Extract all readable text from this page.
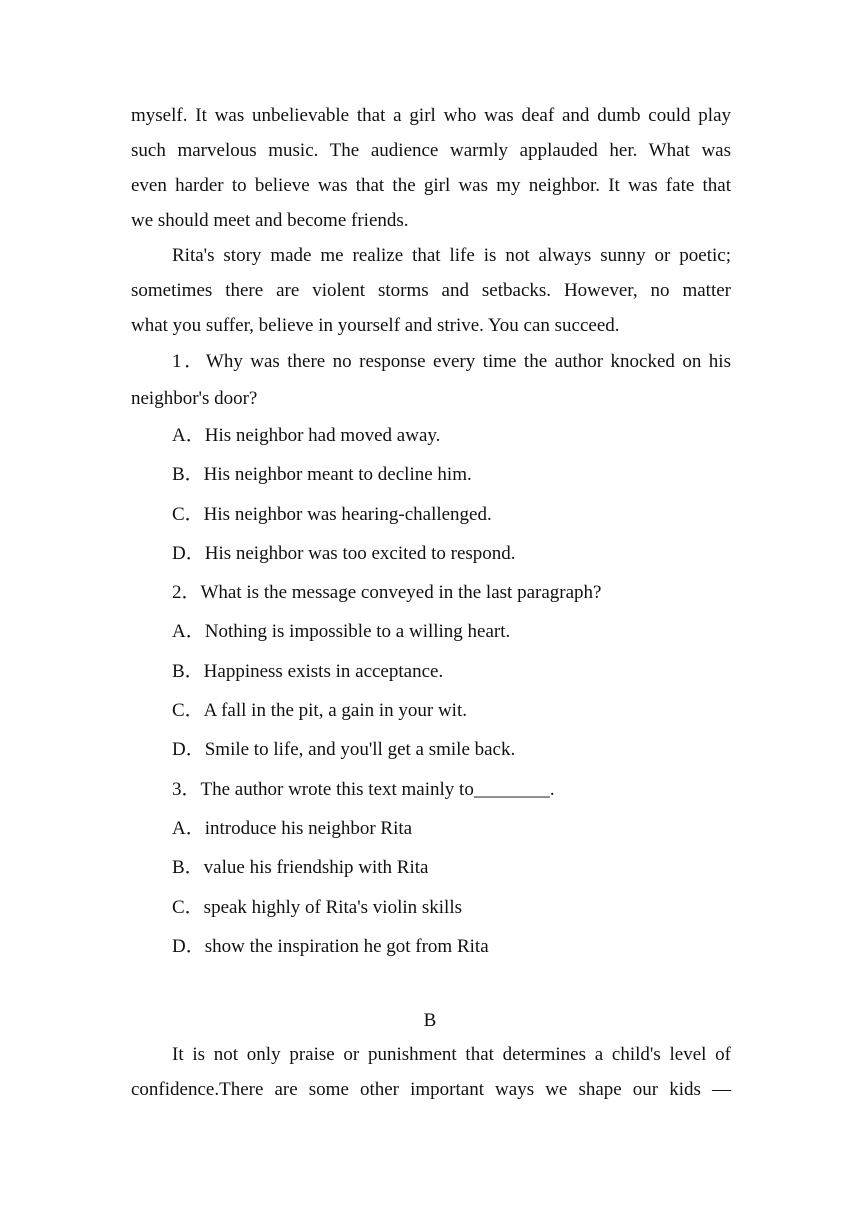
myself. It was unbelievable that a girl who was deaf and dumb could play
such marvelous music. The audience warmly applauded her. What was
even harder to believe was that the girl was my neighbor. It was fate that
we should meet and become friends.
Rita's story made me realize that life is not always sunny or poetic;
sometimes there are violent storms and setbacks. However, no matter
what you suffer, believe in yourself and strive. You can succeed.
1．Why was there no response every time the author knocked on his
neighbor's door?
A．His neighbor had moved away.
B．His neighbor meant to decline him.
C．His neighbor was hearing-challenged.
D．His neighbor was too excited to respond.
2．What is the message conveyed in the last paragraph?
A．Nothing is impossible to a willing heart.
B．Happiness exists in acceptance.
C．A fall in the pit, a gain in your wit.
D．Smile to life, and you'll get a smile back.
3．The author wrote this text mainly to________.
A．introduce his neighbor Rita
B．value his friendship with Rita
C．speak highly of Rita's violin skills
D．show the inspiration he got from Rita
B
It is not only praise or punishment that determines a child's level of
confidence.There are some other important ways we shape our kids —
